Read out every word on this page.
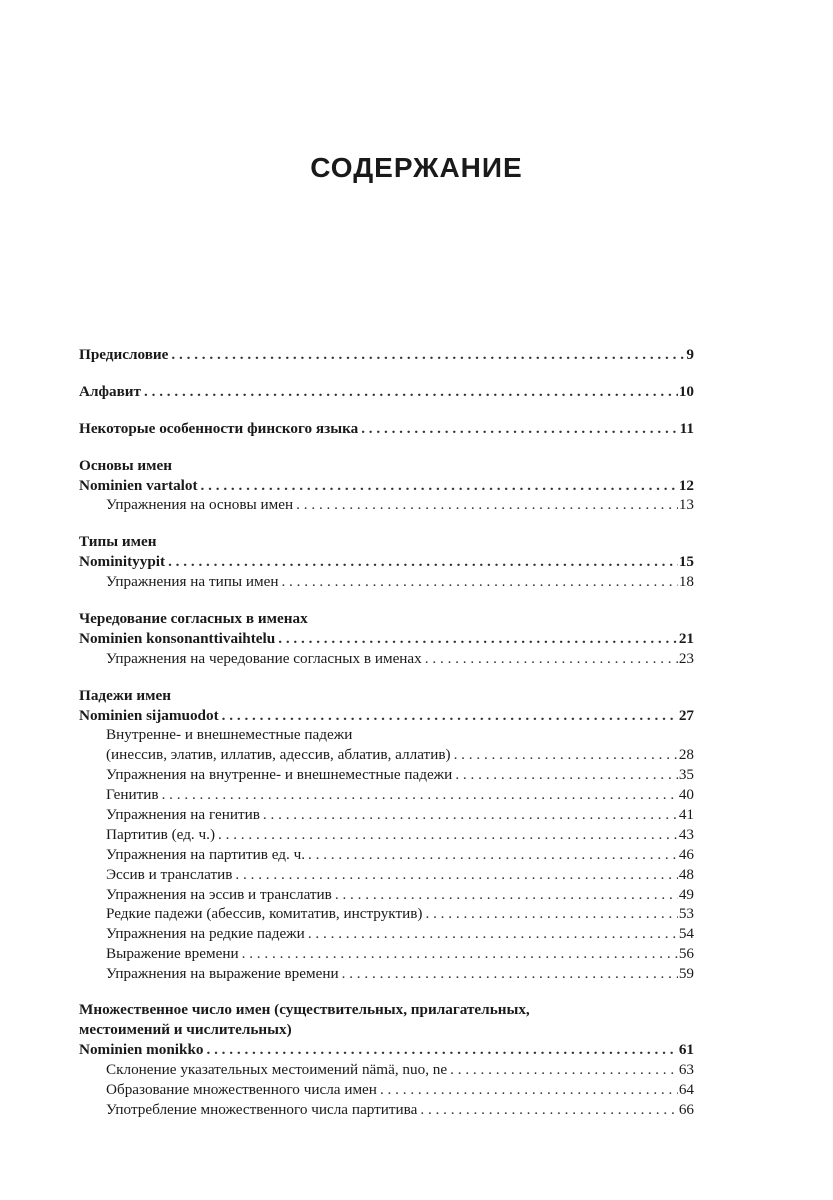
СОДЕРЖАНИЕ
Предисловие . . .	9
Алфавит . . .	10
Некоторые особенности финского языка . . .	11
Основы имен
Nominien vartalot . . .	12
Упражнения на основы имен . . .	13
Типы имен
Nominityypit . . .	15
Упражнения на типы имен . . .	18
Чередование согласных в именах
Nominien konsonanttivaihtelu . . .	21
Упражнения на чередование согласных в именах . . .	23
Падежи имен
Nominien sijamuodot . . .	27
Внутренне- и внешнеместные падежи
(инессив, элатив, иллатив, адессив, аблатив, аллатив) . . .	28
Упражнения на внутренне- и внешнеместные падежи . . .	35
Генитив . . .	40
Упражнения на генитив . . .	41
Партитив (ед. ч.) . . .	43
Упражнения на партитив ед. ч. . . .	46
Эссив и транслатив . . .	48
Упражнения на эссив и транслатив . . .	49
Редкие падежи (абессив, комитатив, инструктив) . . .	53
Упражнения на редкие падежи . . .	54
Выражение времени . . .	56
Упражнения на выражение времени . . .	59
Множественное число имен (существительных, прилагательных,
местоимений и числительных)
Nominien monikko . . .	61
Склонение указательных местоимений nämä, nuo, ne . . .	63
Образование множественного числа имен . . .	64
Употребление множественного числа партитива . . .	66
